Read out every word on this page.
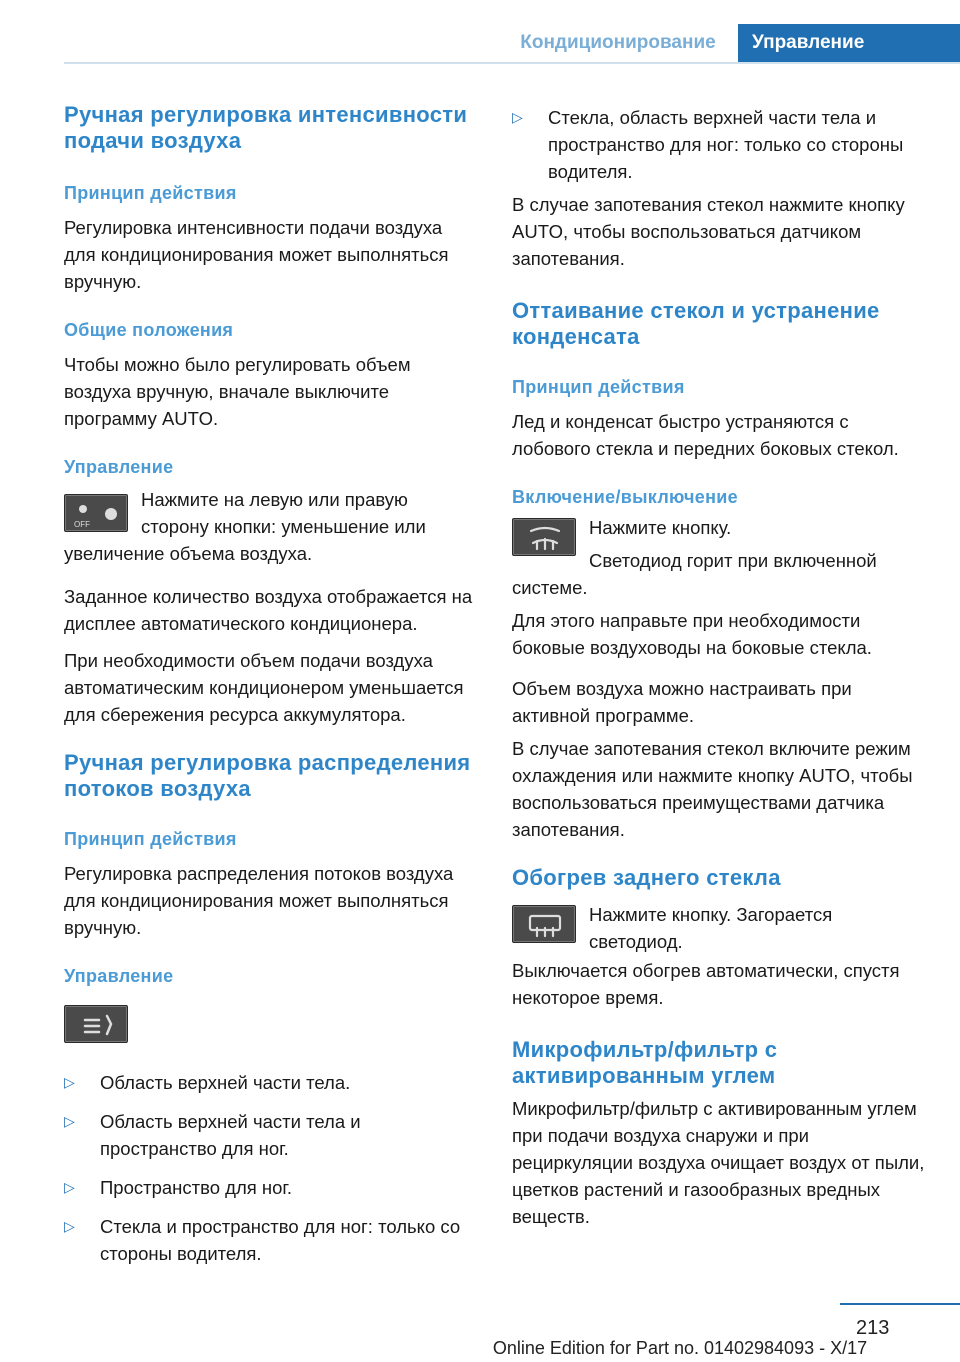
Кондиционирование	Управление
Ручная регулировка интенсивности подачи воздуха
Принцип действия
Регулировка интенсивности подачи воздуха для кондиционирования может выполняться вручную.
Общие положения
Чтобы можно было регулировать объем воздуха вручную, вначале выключите программу AUTO.
Управление
OFF
Нажмите на левую или правую сторону кнопки: уменьшение или увеличение объема воздуха.
Заданное количество воздуха отображается на дисплее автоматического кондиционера.
При необходимости объем подачи воздуха автоматическим кондиционером уменьшается для сбережения ресурса аккумулятора.
Ручная регулировка распределения потоков воздуха
Принцип действия
Регулировка распределения потоков воздуха для кондиционирования может выполняться вручную.
Управление
▷ Область верхней части тела.
▷ Область верхней части тела и пространство для ног.
▷ Пространство для ног.
▷ Стекла и пространство для ног: только со стороны водителя.
▷ Стекла, область верхней части тела и пространство для ног: только со стороны водителя.
В случае запотевания стекол нажмите кнопку AUTO, чтобы воспользоваться датчиком запотевания.
Оттаивание стекол и устранение конденсата
Принцип действия
Лед и конденсат быстро устраняются с лобового стекла и передних боковых стекол.
Включение/выключение
Нажмите кнопку.
Светодиод горит при включенной системе.
Для этого направьте при необходимости боковые воздуховоды на боковые стекла.
Объем воздуха можно настраивать при активной программе.
В случае запотевания стекол включите режим охлаждения или нажмите кнопку AUTO, чтобы воспользоваться преимуществами датчика запотевания.
Обогрев заднего стекла
Нажмите кнопку. Загорается светодиод.
Выключается обогрев автоматически, спустя некоторое время.
Микрофильтр/фильтр с активированным углем
Микрофильтр/фильтр с активированным углем при подачи воздуха снаружи и при рециркуляции воздуха очищает воздух от пыли, цветков растений и газообразных вредных веществ.
213
Online Edition for Part no. 01402984093 - X/17
